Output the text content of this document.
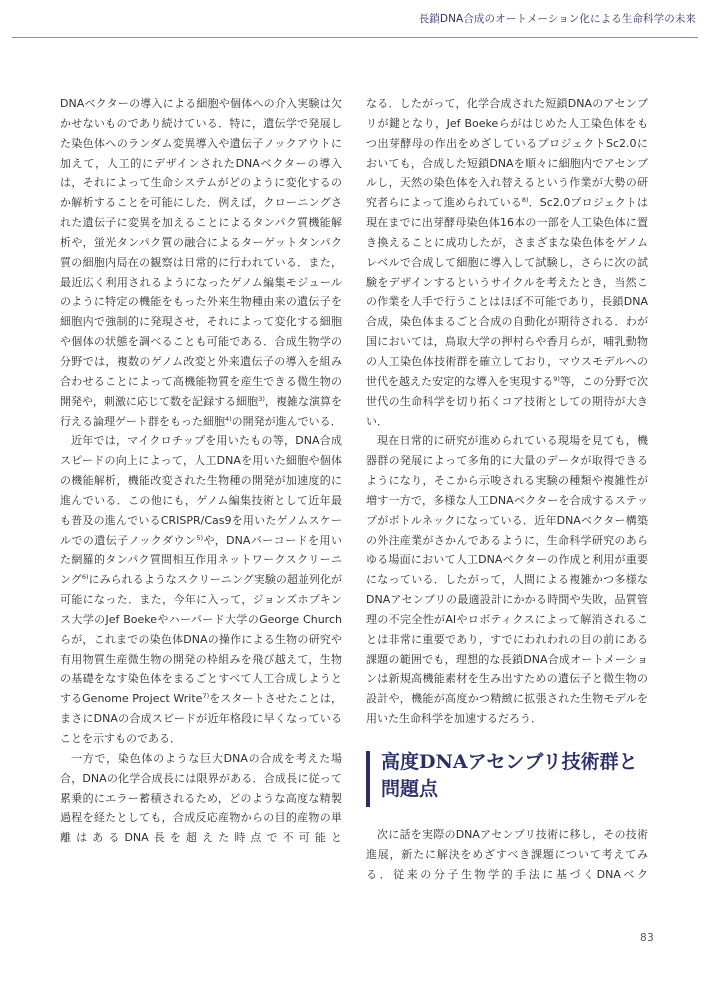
長鎖DNA合成のオートメーション化による生命科学の未来

DNAベクターの導入による細胞や個体への介入実験は欠かせないものであり続けている．特に，遺伝学で発展した染色体へのランダム変異導入や遺伝子ノックアウトに加えて，人工的にデザインされたDNAベクターの導入は，それによって生命システムがどのように変化するのか解析することを可能にした．例えば，クローニングされた遺伝子に変異を加えることによるタンパク質機能解析や，蛍光タンパク質の融合によるターゲットタンパク質の細胞内局在の観察は日常的に行われている．また，最近広く利用されるようになったゲノム編集モジュールのように特定の機能をもった外来生物種由来の遺伝子を細胞内で強制的に発現させ，それによって変化する細胞や個体の状態を調べることも可能である．合成生物学の分野では，複数のゲノム改変と外来遺伝子の導入を組み合わせることによって高機能物質を産生できる微生物の開発や，刺激に応じて数を記録する細胞$^{3)}$，複雑な演算を行える論理ゲート群をもった細胞$^{4)}$の開発が進んでいる．

近年では，マイクロチップを用いたもの等，DNA合成スピードの向上によって，人工DNAを用いた細胞や個体の機能解析，機能改変された生物種の開発が加速度的に進んでいる．この他にも，ゲノム編集技術として近年最も普及の進んでいるCRISPR/Cas9を用いたゲノムスケールでの遺伝子ノックダウン$^{5)}$や，DNAバーコードを用いた網羅的タンパク質間相互作用ネットワークスクリーニング$^{6)}$にみられるようなスクリーニング実験の超並列化が可能になった．また，今年に入って，ジョンズホプキンス大学のJef Boekeやハーバード大学のGeorge Churchらが，これまでの染色体DNAの操作による生物の研究や有用物質生産微生物の開発の枠組みを飛び越えて，生物の基礎をなす染色体をまるごとすべて人工合成しようとするGenome Project Write$^{7)}$をスタートさせたことは，まさにDNAの合成スピードが近年格段に早くなっていることを示すものである．

一方で，染色体のような巨大DNAの合成を考えた場合，DNAの化学合成長には限界がある．合成長に従って累乗的にエラー蓄積されるため，どのような高度な精製過程を経たとしても，合成反応産物からの目的産物の単離はあるDNA長を超えた時点で不可能と

なる．したがって，化学合成された短鎖DNAのアセンブリが鍵となり，Jef Boekeらがはじめた人工染色体をもつ出芽酵母の作出をめざしているプロジェクトSc2.0においても，合成した短鎖DNAを順々に細胞内でアセンブルし，天然の染色体を入れ替えるという作業が大勢の研究者らによって進められている$^{8)}$．Sc2.0プロジェクトは現在までに出芽酵母染色体16本の一部を人工染色体に置き換えることに成功したが，さまざまな染色体をゲノムレベルで合成して細胞に導入して試験し，さらに次の試験をデザインするというサイクルを考えたとき，当然この作業を人手で行うことはほぼ不可能であり，長鎖DNA合成，染色体まるごと合成の自動化が期待される．わが国においては，鳥取大学の押村らや香月らが，哺乳動物の人工染色体技術群を確立しており，マウスモデルへの世代を越えた安定的な導入を実現する$^{9)}$等，この分野で次世代の生命科学を切り拓くコア技術としての期待が大きい．

現在日常的に研究が進められている現場を見ても，機器群の発展によって多角的に大量のデータが取得できるようになり，そこから示唆される実験の種類や複雑性が増す一方で，多様な人工DNAベクターを合成するステップがボトルネックになっている．近年DNAベクター構築の外注産業がさかんであるように，生命科学研究のあらゆる場面において人工DNAベクターの作成と利用が重要になっている．したがって，人間による複雑かつ多様なDNAアセンブリの最適設計にかかる時間や失敗，品質管理の不完全性がAIやロボティクスによって解消されることは非常に重要であり，すでにわれわれの目の前にある課題の範囲でも，理想的な長鎖DNA合成オートメーションは新規高機能素材を生み出すための遺伝子と微生物の設計や，機能が高度かつ精緻に拡張された生物モデルを用いた生命科学を加速するだろう．

高度DNAアセンブリ技術群と
問題点

次に話を実際のDNAアセンブリ技術に移し，その技術進展，新たに解決をめざすべき課題について考えてみる．従来の分子生物学的手法に基づくDNAベク

83
